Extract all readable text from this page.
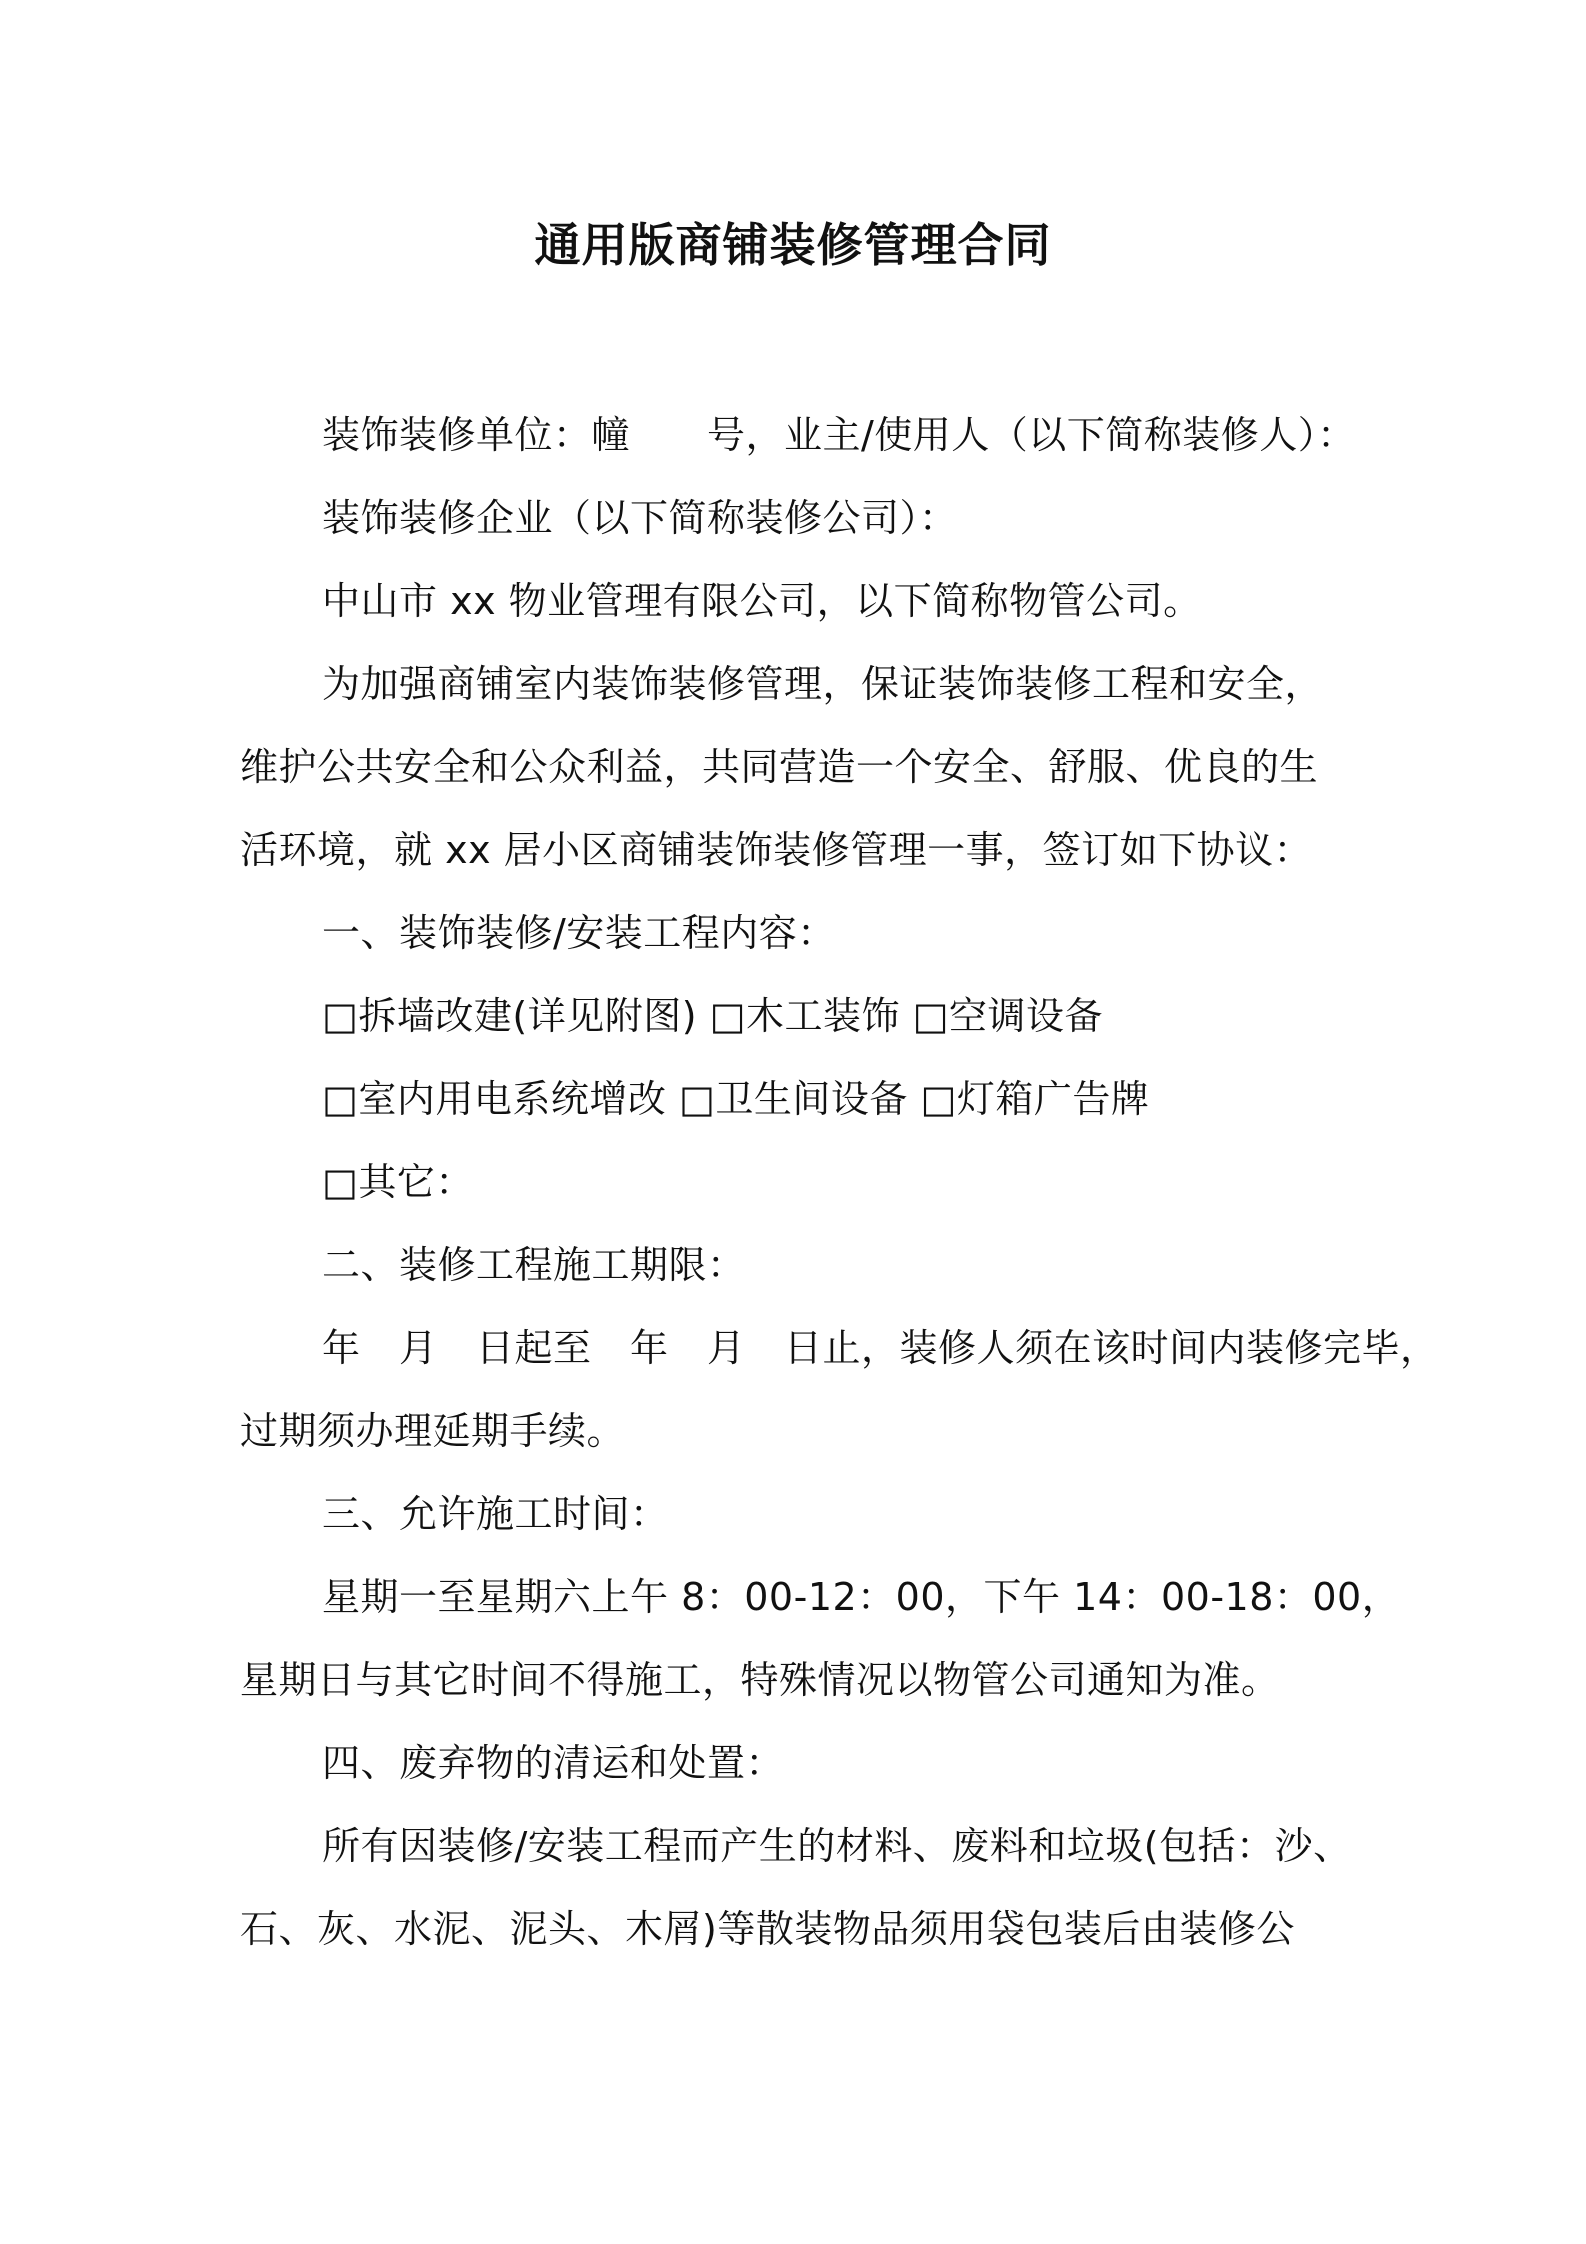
通用版商铺装修管理合同
装饰装修单位：幢　　号，业主/使用人（以下简称装修人）：
装饰装修企业（以下简称装修公司）：
中山市 xx 物业管理有限公司，以下简称物管公司。
为加强商铺室内装饰装修管理，保证装饰装修工程和安全，
维护公共安全和公众利益，共同营造一个安全、舒服、优良的生
活环境，就 xx 居小区商铺装饰装修管理一事，签订如下协议：
一、装饰装修/安装工程内容：
□拆墙改建(详见附图) □木工装饰 □空调设备
□室内用电系统增改 □卫生间设备 □灯箱广告牌
□其它：
二、装修工程施工期限：
年　月　日起至　年　月　日止，装修人须在该时间内装修完毕，
过期须办理延期手续。
三、允许施工时间：
星期一至星期六上午 8：00-12：00，下午 14：00-18：00，
星期日与其它时间不得施工，特殊情况以物管公司通知为准。
四、废弃物的清运和处置：
所有因装修/安装工程而产生的材料、废料和垃圾(包括：沙、
石、灰、水泥、泥头、木屑)等散装物品须用袋包装后由装修公
